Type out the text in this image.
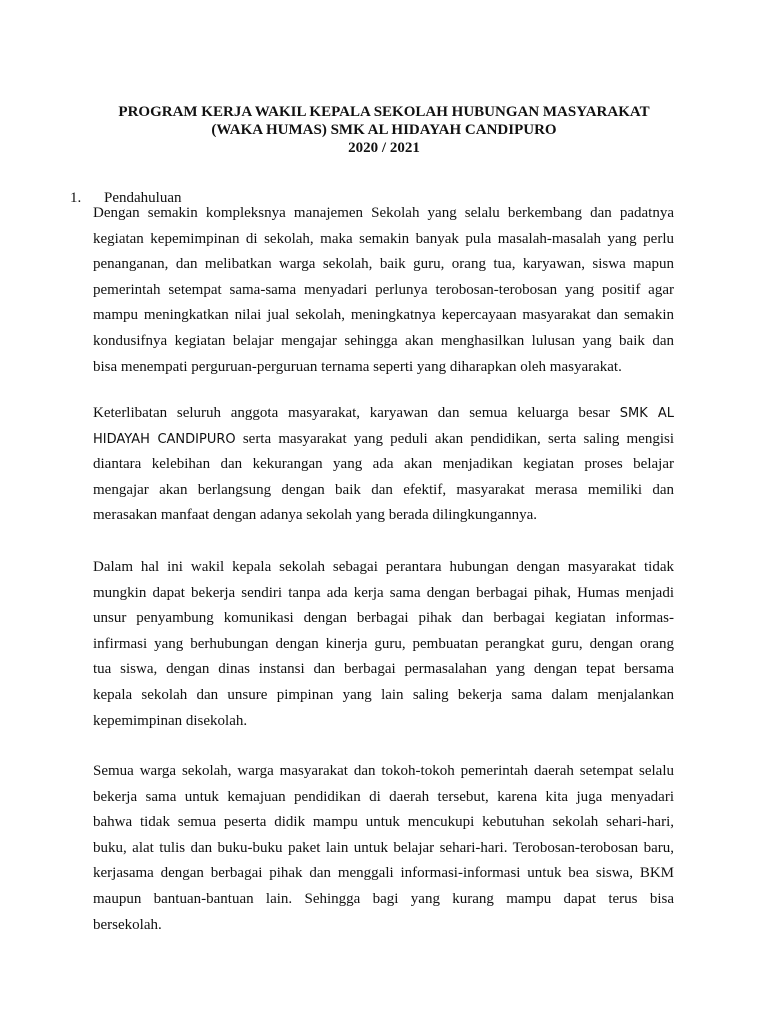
PROGRAM KERJA WAKIL KEPALA SEKOLAH HUBUNGAN MASYARAKAT
(WAKA HUMAS) SMK AL HIDAYAH CANDIPURO
2020 / 2021
1. Pendahuluan
Dengan semakin kompleksnya manajemen Sekolah yang selalu berkembang dan padatnya
kegiatan kepemimpinan di sekolah, maka semakin banyak pula masalah-masalah yang perlu
penanganan, dan melibatkan warga sekolah, baik guru, orang tua, karyawan, siswa mapun
pemerintah setempat sama-sama menyadari perlunya terobosan-terobosan yang positif agar
mampu meningkatkan nilai jual sekolah, meningkatnya kepercayaan masyarakat dan semakin
kondusifnya kegiatan belajar mengajar sehingga akan menghasilkan lulusan yang baik dan
bisa menempati perguruan-perguruan ternama seperti yang diharapkan oleh masyarakat.
Keterlibatan seluruh anggota masyarakat, karyawan dan semua keluarga besar SMK AL
HIDAYAH CANDIPURO serta masyarakat yang peduli akan pendidikan, serta saling mengisi
diantara kelebihan dan kekurangan yang ada akan menjadikan kegiatan proses belajar
mengajar akan berlangsung dengan baik dan efektif, masyarakat merasa memiliki dan
merasakan manfaat dengan adanya sekolah yang berada dilingkungannya.
Dalam hal ini wakil kepala sekolah sebagai perantara hubungan dengan masyarakat tidak
mungkin dapat bekerja sendiri tanpa ada kerja sama dengan berbagai pihak, Humas menjadi
unsur penyambung komunikasi dengan berbagai pihak dan berbagai kegiatan informas-
infirmasi yang berhubungan dengan kinerja guru, pembuatan perangkat guru, dengan orang
tua siswa, dengan dinas instansi dan berbagai permasalahan yang dengan tepat bersama
kepala sekolah dan unsure pimpinan yang lain saling bekerja sama dalam menjalankan
kepemimpinan disekolah.
Semua warga sekolah, warga masyarakat dan tokoh-tokoh pemerintah daerah setempat selalu
bekerja sama untuk kemajuan pendidikan di daerah tersebut, karena kita juga menyadari
bahwa tidak semua peserta didik mampu untuk mencukupi kebutuhan sekolah sehari-hari,
buku, alat tulis dan buku-buku paket lain untuk belajar sehari-hari. Terobosan-terobosan baru,
kerjasama dengan berbagai pihak dan menggali informasi-informasi untuk bea siswa, BKM
maupun bantuan-bantuan lain. Sehingga bagi yang kurang mampu dapat terus bisa
bersekolah.
